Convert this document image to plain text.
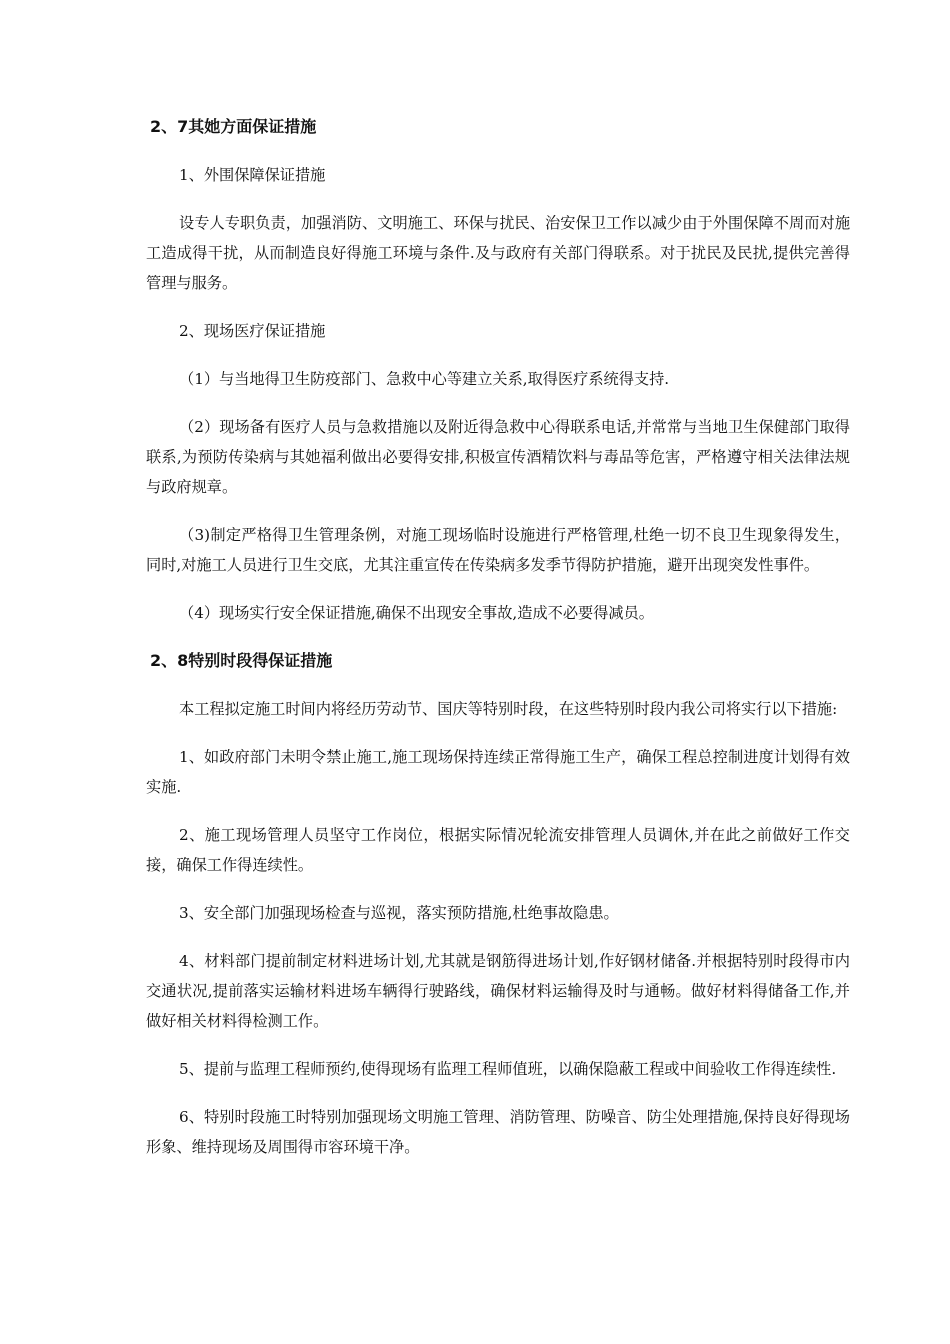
2、7其她方面保证措施
1、外围保障保证措施
设专人专职负责，加强消防、文明施工、环保与扰民、治安保卫工作以减少由于外围保障不周而对施工造成得干扰，从而制造良好得施工环境与条件.及与政府有关部门得联系。对于扰民及民扰,提供完善得管理与服务。
2、现场医疗保证措施
（1）与当地得卫生防疫部门、急救中心等建立关系,取得医疗系统得支持.
（2）现场备有医疗人员与急救措施以及附近得急救中心得联系电话,并常常与当地卫生保健部门取得联系,为预防传染病与其她福利做出必要得安排,积极宣传酒精饮料与毒品等危害，严格遵守相关法律法规与政府规章。
（3)制定严格得卫生管理条例，对施工现场临时设施进行严格管理,杜绝一切不良卫生现象得发生，同时,对施工人员进行卫生交底，尤其注重宣传在传染病多发季节得防护措施，避开出现突发性事件。
（4）现场实行安全保证措施,确保不出现安全事故,造成不必要得减员。
2、8特别时段得保证措施
本工程拟定施工时间内将经历劳动节、国庆等特别时段，在这些特别时段内我公司将实行以下措施:
1、如政府部门未明令禁止施工,施工现场保持连续正常得施工生产，确保工程总控制进度计划得有效实施.
2、施工现场管理人员坚守工作岗位，根据实际情况轮流安排管理人员调休,并在此之前做好工作交接，确保工作得连续性。
3、安全部门加强现场检查与巡视，落实预防措施,杜绝事故隐患。
4、材料部门提前制定材料进场计划,尤其就是钢筋得进场计划,作好钢材储备.并根据特别时段得市内交通状况,提前落实运输材料进场车辆得行驶路线，确保材料运输得及时与通畅。做好材料得储备工作,并做好相关材料得检测工作。
5、提前与监理工程师预约,使得现场有监理工程师值班，以确保隐蔽工程或中间验收工作得连续性.
6、特别时段施工时特别加强现场文明施工管理、消防管理、防噪音、防尘处理措施,保持良好得现场形象、维持现场及周围得市容环境干净。
